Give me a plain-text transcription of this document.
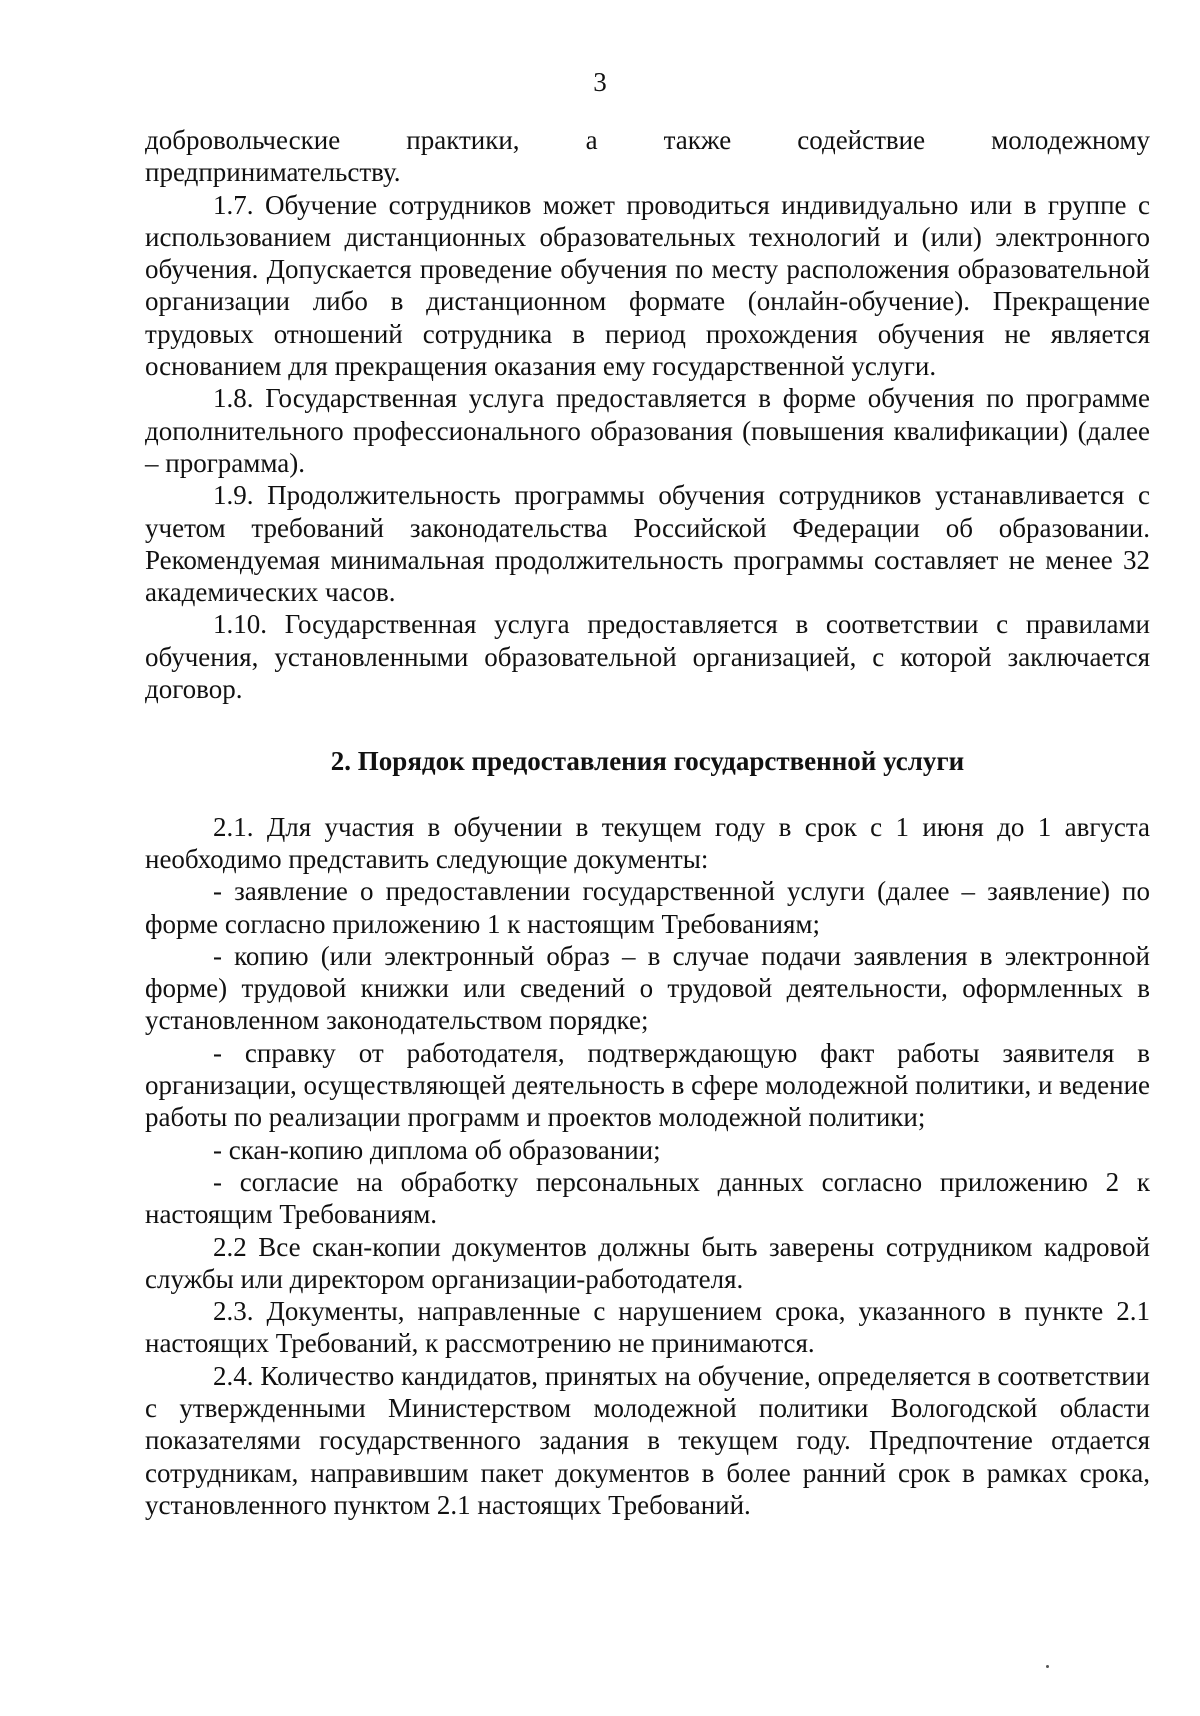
3

добровольческие практики, а также содействие молодежному

предпринимательству.

1.7. Обучение сотрудников может проводиться индивидуально или в группе с использованием дистанционных образовательных технологий и (или) электронного обучения. Допускается проведение обучения по месту расположения образовательной организации либо в дистанционном формате (онлайн-обучение). Прекращение трудовых отношений сотрудника в период прохождения обучения не является основанием для прекращения оказания ему государственной услуги.

1.8. Государственная услуга предоставляется в форме обучения по программе дополнительного профессионального образования (повышения квалификации) (далее – программа).

1.9. Продолжительность программы обучения сотрудников устанавливается с учетом требований законодательства Российской Федерации об образовании. Рекомендуемая минимальная продолжительность программы составляет не менее 32 академических часов.

1.10. Государственная услуга предоставляется в соответствии с правилами обучения, установленными образовательной организацией, с которой заключается договор.

2. Порядок предоставления государственной услуги

2.1. Для участия в обучении в текущем году в срок с 1 июня до 1 августа необходимо представить следующие документы:

- заявление о предоставлении государственной услуги (далее – заявление) по форме согласно приложению 1 к настоящим Требованиям;

- копию (или электронный образ – в случае подачи заявления в электронной форме) трудовой книжки или сведений о трудовой деятельности, оформленных в установленном законодательством порядке;

- справку от работодателя, подтверждающую факт работы заявителя в организации, осуществляющей деятельность в сфере молодежной политики, и ведение работы по реализации программ и проектов молодежной политики;

- скан-копию диплома об образовании;

- согласие на обработку персональных данных согласно приложению 2 к настоящим Требованиям.

2.2 Все скан-копии документов должны быть заверены сотрудником кадровой службы или директором организации-работодателя.

2.3. Документы, направленные с нарушением срока, указанного в пункте 2.1 настоящих Требований, к рассмотрению не принимаются.

2.4. Количество кандидатов, принятых на обучение, определяется в соответствии с утвержденными Министерством молодежной политики Вологодской области показателями государственного задания в текущем году. Предпочтение отдается сотрудникам, направившим пакет документов в более ранний срок в рамках срока, установленного пунктом 2.1 настоящих Требований.
